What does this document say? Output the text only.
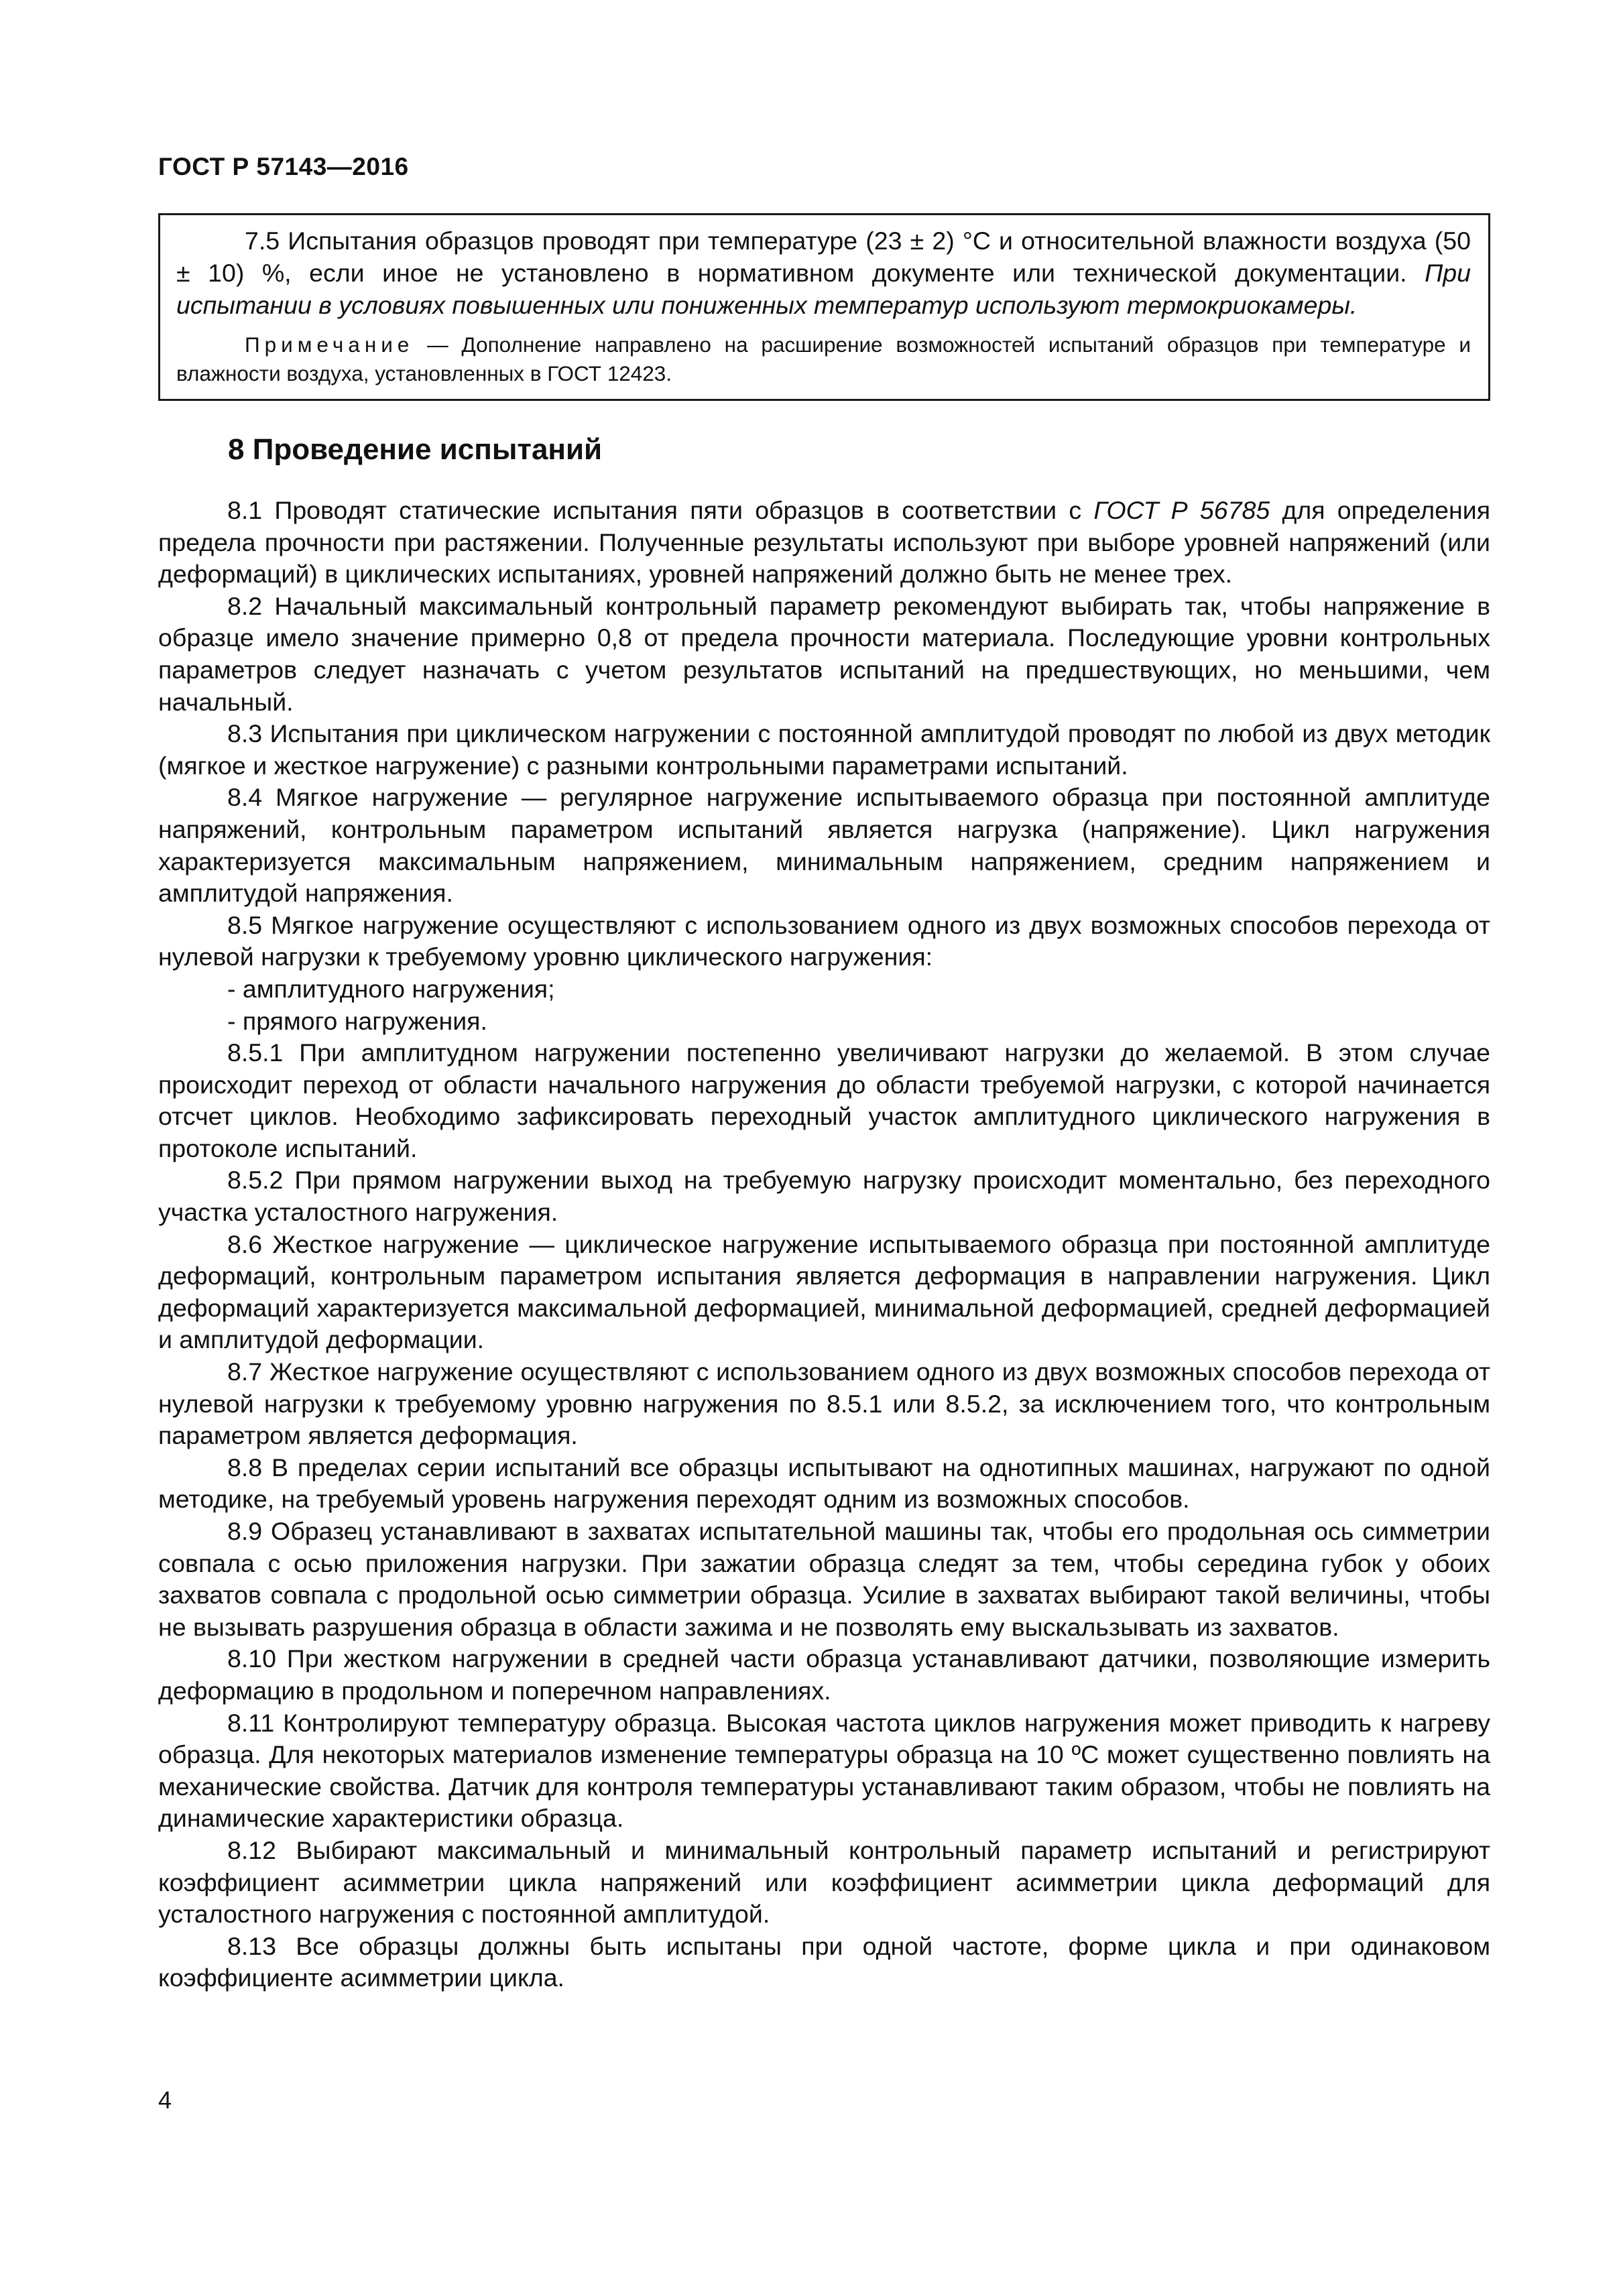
ГОСТ Р 57143—2016

7.5 Испытания образцов проводят при температуре (23 ± 2) °С и относительной влажности воздуха (50 ± 10) %, если иное не установлено в нормативном документе или технической документации. При испытании в условиях повышенных или пониженных температур используют термокриокамеры.

Примечание — Дополнение направлено на расширение возможностей испытаний образцов при температуре и влажности воздуха, установленных в ГОСТ 12423.

8 Проведение испытаний

8.1 Проводят статические испытания пяти образцов в соответствии с ГОСТ Р 56785 для определения предела прочности при растяжении. Полученные результаты используют при выборе уровней напряжений (или деформаций) в циклических испытаниях, уровней напряжений должно быть не менее трех.

8.2 Начальный максимальный контрольный параметр рекомендуют выбирать так, чтобы напряжение в образце имело значение примерно 0,8 от предела прочности материала. Последующие уровни контрольных параметров следует назначать с учетом результатов испытаний на предшествующих, но меньшими, чем начальный.

8.3 Испытания при циклическом нагружении с постоянной амплитудой проводят по любой из двух методик (мягкое и жесткое нагружение) с разными контрольными параметрами испытаний.

8.4 Мягкое нагружение — регулярное нагружение испытываемого образца при постоянной амплитуде напряжений, контрольным параметром испытаний является нагрузка (напряжение). Цикл нагружения характеризуется максимальным напряжением, минимальным напряжением, средним напряжением и амплитудой напряжения.

8.5 Мягкое нагружение осуществляют с использованием одного из двух возможных способов перехода от нулевой нагрузки к требуемому уровню циклического нагружения:

- амплитудного нагружения;

- прямого нагружения.

8.5.1 При амплитудном нагружении постепенно увеличивают нагрузки до желаемой. В этом случае происходит переход от области начального нагружения до области требуемой нагрузки, с которой начинается отсчет циклов. Необходимо зафиксировать переходный участок амплитудного циклического нагружения в протоколе испытаний.

8.5.2 При прямом нагружении выход на требуемую нагрузку происходит моментально, без переходного участка усталостного нагружения.

8.6 Жесткое нагружение — циклическое нагружение испытываемого образца при постоянной амплитуде деформаций, контрольным параметром испытания является деформация в направлении нагружения. Цикл деформаций характеризуется максимальной деформацией, минимальной деформацией, средней деформацией и амплитудой деформации.

8.7 Жесткое нагружение осуществляют с использованием одного из двух возможных способов перехода от нулевой нагрузки к требуемому уровню нагружения по 8.5.1 или 8.5.2, за исключением того, что контрольным параметром является деформация.

8.8 В пределах серии испытаний все образцы испытывают на однотипных машинах, нагружают по одной методике, на требуемый уровень нагружения переходят одним из возможных способов.

8.9 Образец устанавливают в захватах испытательной машины так, чтобы его продольная ось симметрии совпала с осью приложения нагрузки. При зажатии образца следят за тем, чтобы середина губок у обоих захватов совпала с продольной осью симметрии образца. Усилие в захватах выбирают такой величины, чтобы не вызывать разрушения образца в области зажима и не позволять ему выскальзывать из захватов.

8.10 При жестком нагружении в средней части образца устанавливают датчики, позволяющие измерить деформацию в продольном и поперечном направлениях.

8.11 Контролируют температуру образца. Высокая частота циклов нагружения может приводить к нагреву образца. Для некоторых материалов изменение температуры образца на 10 ºС может существенно повлиять на механические свойства. Датчик для контроля температуры устанавливают таким образом, чтобы не повлиять на динамические характеристики образца.

8.12 Выбирают максимальный и минимальный контрольный параметр испытаний и регистрируют коэффициент асимметрии цикла напряжений или коэффициент асимметрии цикла деформаций для усталостного нагружения с постоянной амплитудой.

8.13 Все образцы должны быть испытаны при одной частоте, форме цикла и при одинаковом коэффициенте асимметрии цикла.

4
